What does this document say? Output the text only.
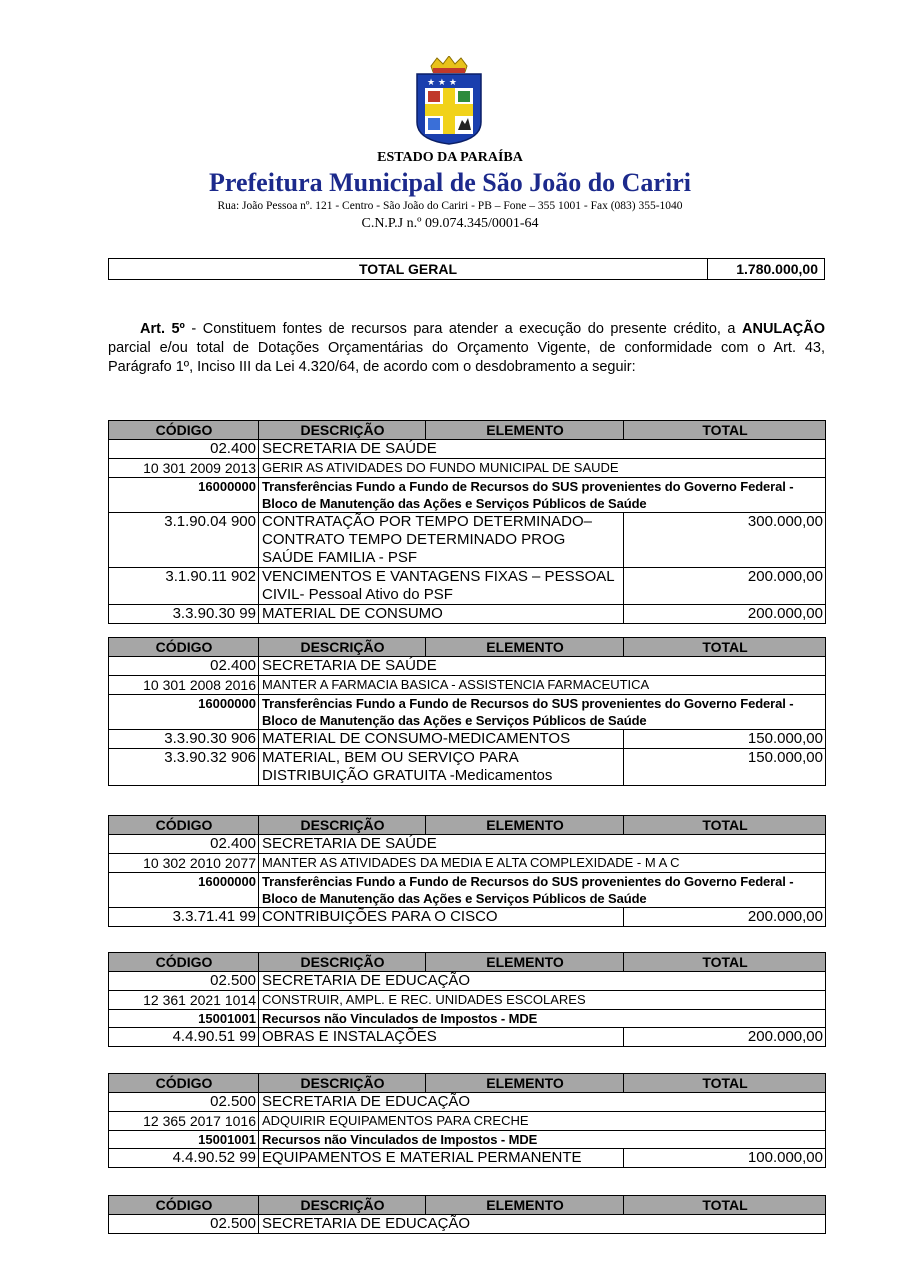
★ ★ ★
ESTADO DA PARAÍBA
Prefeitura Municipal de São João do Cariri
Rua: João Pessoa nº. 121 - Centro - São João do Cariri - PB – Fone – 355 1001 - Fax (083) 355-1040
C.N.P.J n.º 09.074.345/0001-64
TOTAL GERAL	1.780.000,00
Art. 5º - Constituem fontes de recursos para atender a execução do presente crédito, a ANULAÇÃO parcial e/ou total de Dotações Orçamentárias do Orçamento Vigente, de conformidade com o Art. 43, Parágrafo 1º, Inciso III da Lei 4.320/64, de acordo com o desdobramento a seguir:
CÓDIGO	DESCRIÇÃO	ELEMENTO	TOTAL
02.400	SECRETARIA DE SAÚDE		
10 301 2009 2013	GERIR AS ATIVIDADES DO FUNDO MUNICIPAL DE SAUDE		
16000000	Transferências Fundo a Fundo de Recursos do SUS provenientes do Governo Federal - Bloco de Manutenção das Ações e Serviços Públicos de Saúde		
3.1.90.04 900	CONTRATAÇÃO POR TEMPO DETERMINADO–CONTRATO TEMPO DETERMINADO PROG SAÚDE FAMILIA - PSF		300.000,00
3.1.90.11 902	VENCIMENTOS E VANTAGENS FIXAS – PESSOAL CIVIL- Pessoal Ativo do PSF		200.000,00
3.3.90.30 99	MATERIAL DE CONSUMO		200.000,00
CÓDIGO	DESCRIÇÃO	ELEMENTO	TOTAL
02.400	SECRETARIA DE SAÚDE		
10 301 2008 2016	MANTER A FARMACIA BASICA - ASSISTENCIA FARMACEUTICA		
16000000	Transferências Fundo a Fundo de Recursos do SUS provenientes do Governo Federal - Bloco de Manutenção das Ações e Serviços Públicos de Saúde		
3.3.90.30 906	MATERIAL DE CONSUMO-MEDICAMENTOS		150.000,00
3.3.90.32 906	MATERIAL, BEM OU SERVIÇO PARA DISTRIBUIÇÃO GRATUITA -Medicamentos		150.000,00
CÓDIGO	DESCRIÇÃO	ELEMENTO	TOTAL
02.400	SECRETARIA DE SAÚDE		
10 302 2010 2077	MANTER AS ATIVIDADES DA MEDIA E ALTA COMPLEXIDADE - M A C		
16000000	Transferências Fundo a Fundo de Recursos do SUS provenientes do Governo Federal - Bloco de Manutenção das Ações e Serviços Públicos de Saúde		
3.3.71.41 99	CONTRIBUIÇÕES PARA O CISCO		200.000,00
CÓDIGO	DESCRIÇÃO	ELEMENTO	TOTAL
02.500	SECRETARIA DE EDUCAÇÃO		
12 361 2021 1014	CONSTRUIR, AMPL. E REC. UNIDADES ESCOLARES		
15001001	Recursos não Vinculados de Impostos - MDE		
4.4.90.51 99	OBRAS E INSTALAÇÕES		200.000,00
CÓDIGO	DESCRIÇÃO	ELEMENTO	TOTAL
02.500	SECRETARIA DE EDUCAÇÃO		
12 365 2017 1016	ADQUIRIR EQUIPAMENTOS PARA CRECHE		
15001001	Recursos não Vinculados de Impostos - MDE		
4.4.90.52 99	EQUIPAMENTOS E MATERIAL PERMANENTE		100.000,00
CÓDIGO	DESCRIÇÃO	ELEMENTO	TOTAL
02.500	SECRETARIA DE EDUCAÇÃO		
